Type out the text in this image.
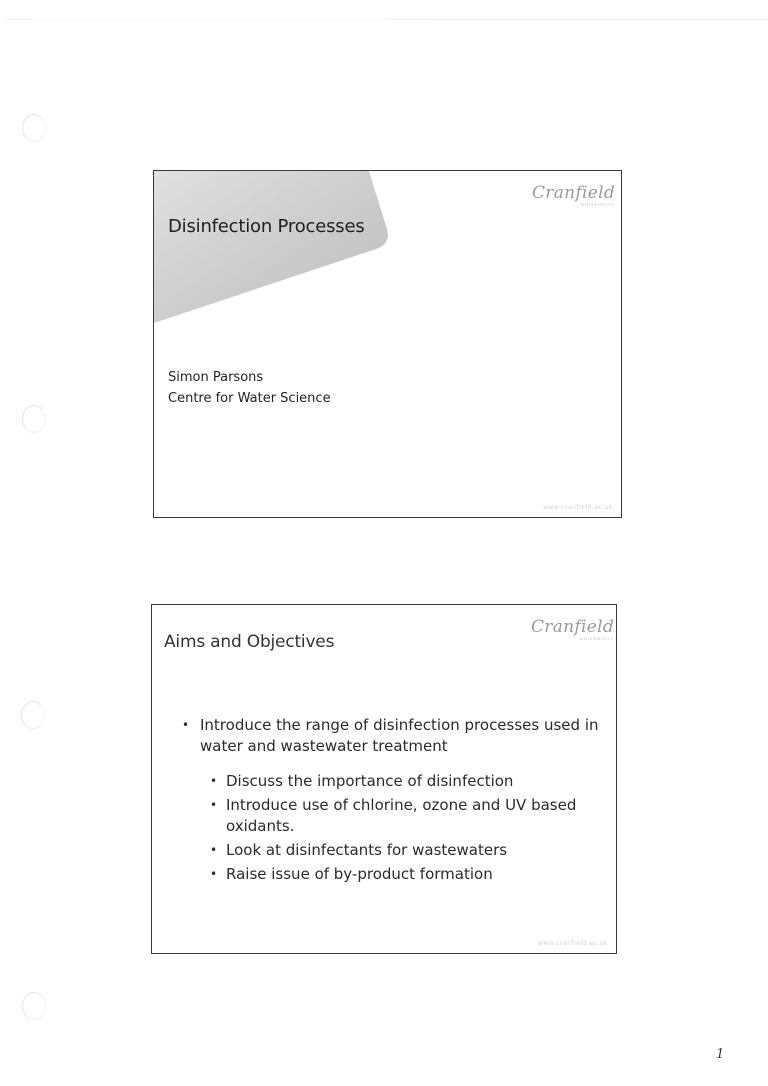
Cranfield
UNIVERSITY
Disinfection Processes
Simon Parsons
Centre for Water Science
www.cranfield.ac.uk
Cranfield
UNIVERSITY
Aims and Objectives
• Introduce the range of disinfection processes used in water and wastewater treatment
• Discuss the importance of disinfection
• Introduce use of chlorine, ozone and UV based oxidants.
• Look at disinfectants for wastewaters
• Raise issue of by-product formation
www.cranfield.ac.uk
1
